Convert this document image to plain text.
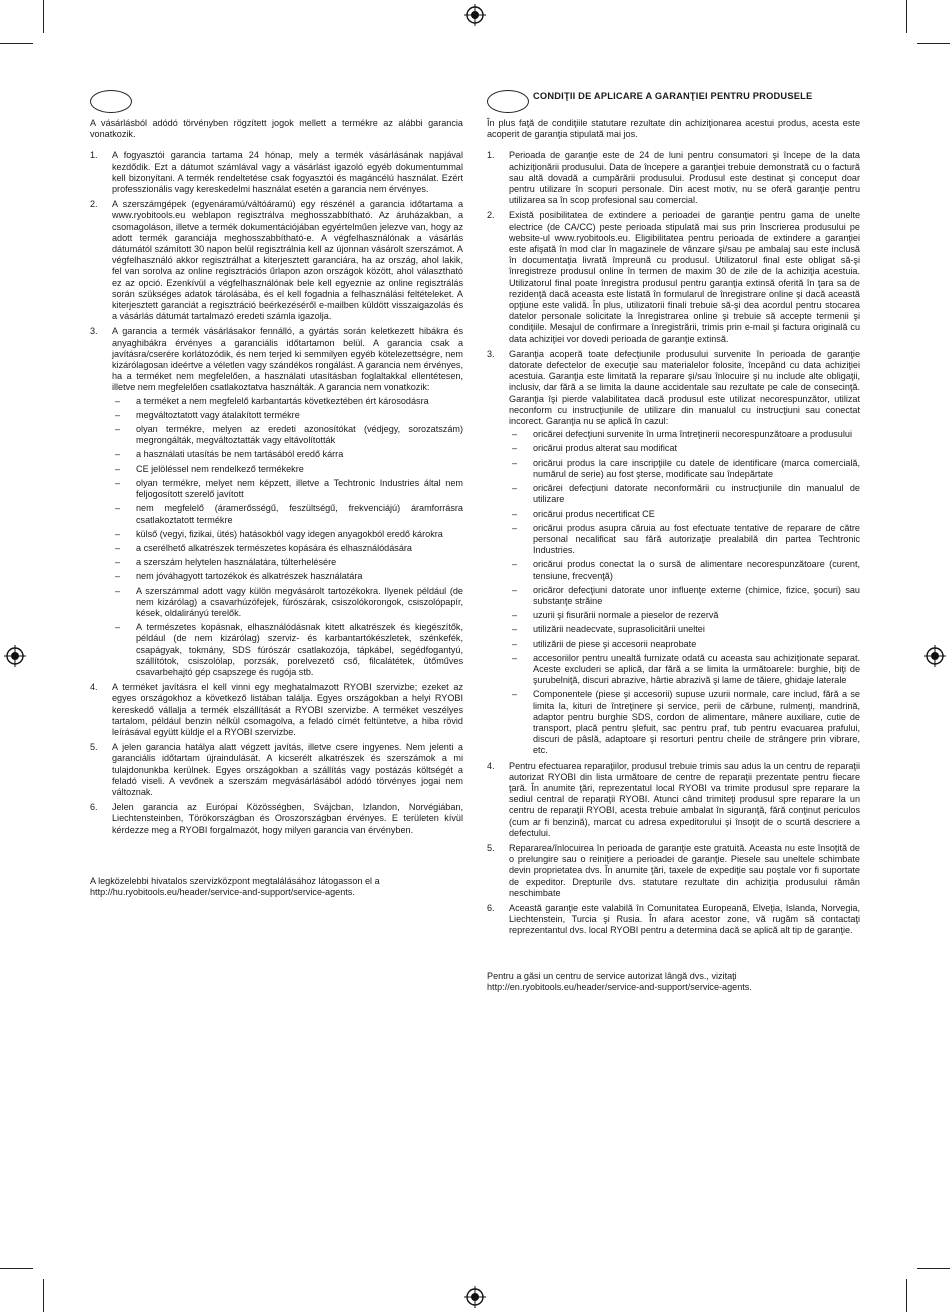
A vásárlásból adódó törvényben rögzített jogok mellett a termékre az alábbi garancia vonatkozik.

1. A fogyasztói garancia tartama 24 hónap, mely a termék vásárlásának napjával kezdődik. Ezt a dátumot számlával vagy a vásárlást igazoló egyéb dokumentummal kell bizonyítani. A termék rendeltetése csak fogyasztói és magáncélú használat. Ezért professzionális vagy kereskedelmi használat esetén a garancia nem érvényes.
2. A szerszámgépek (egyenáramú/váltóáramú) egy részénél a garancia időtartama a www.ryobitools.eu weblapon regisztrálva meghosszabbítható. Az áruházakban, a csomagoláson, illetve a termék dokumentációjában egyértelműen jelezve van, hogy az adott termék garanciája meghosszabbítható-e. A végfelhasználónak a vásárlás dátumától számított 30 napon belül regisztrálnia kell az újonnan vásárolt szerszámot. A végfelhasználó akkor regisztrálhat a kiterjesztett garanciára, ha az ország, ahol lakik, fel van sorolva az online regisztrációs űrlapon azon országok között, ahol választható ez az opció. Ezenkívül a végfelhasználónak bele kell egyeznie az online regisztrálás során szükséges adatok tárolásába, és el kell fogadnia a felhasználási feltételeket. A kiterjesztett garanciát a regisztráció beérkezéséről e-mailben küldött visszaigazolás és a vásárlás dátumát tartalmazó eredeti számla igazolja.
3. A garancia a termék vásárlásakor fennálló, a gyártás során keletkezett hibákra és anyaghibákra érvényes a garanciális időtartamon belül. A garancia csak a javításra/cserére korlátozódik, és nem terjed ki semmilyen egyéb kötelezettségre, nem kizárólagosan ideértve a véletlen vagy szándékos rongálást. A garancia nem érvényes, ha a terméket nem megfelelően, a használati utasításban foglaltakkal ellentétesen, illetve nem megfelelően csatlakoztatva használták. A garancia nem vonatkozik:
– a terméket a nem megfelelő karbantartás következtében ért károsodásra
– megváltoztatott vagy átalakított termékre
– olyan termékre, melyen az eredeti azonosítókat (védjegy, sorozatszám) megrongálták, megváltoztatták vagy eltávolították
– a használati utasítás be nem tartásából eredő kárra
– CE jelöléssel nem rendelkező termékekre
– olyan termékre, melyet nem képzett, illetve a Techtronic Industries által nem feljogosított szerelő javított
– nem megfelelő (áramerősségű, feszültségű, frekvenciájú) áramforrásra csatlakoztatott termékre
– külső (vegyi, fizikai, ütés) hatásokból vagy idegen anyagokból eredő károkra
– a cserélhető alkatrészek természetes kopására és elhasználódására
– a szerszám helytelen használatára, túlterhelésére
– nem jóváhagyott tartozékok és alkatrészek használatára
– A szerszámmal adott vagy külön megvásárolt tartozékokra. Ilyenek például (de nem kizárólag) a csavarhúzófejek, fúrószárak, csiszolókorongok, csiszolópapír, kések, oldalirányú terelők.
– A természetes kopásnak, elhasználódásnak kitett alkatrészek és kiegészítők, például (de nem kizárólag) szerviz- és karbantartókészletek, szénkefék, csapágyak, tokmány, SDS fúrószár csatlakozója, tápkábel, segédfogantyú, szállítótok, csiszolólap, porzsák, porelvezető cső, filcalátétek, ütőműves csavarbehajtó gép csapszege és rugója stb.
4. A terméket javításra el kell vinni egy meghatalmazott RYOBI szervizbe; ezeket az egyes országokhoz a következő listában találja. Egyes országokban a helyi RYOBI kereskedő vállalja a termék elszállítását a RYOBI szervizbe. A terméket veszélyes tartalom, például benzin nélkül csomagolva, a feladó címét feltüntetve, a hiba rövid leírásával együtt küldje el a RYOBI szervizbe.
5. A jelen garancia hatálya alatt végzett javítás, illetve csere ingyenes. Nem jelenti a garanciális időtartam újraindulását. A kicserélt alkatrészek és szerszámok a mi tulajdonunkba kerülnek. Egyes országokban a szállítás vagy postázás költségét a feladó viseli. A vevőnek a szerszám megvásárlásából adódó törvényes jogai nem változnak.
6. Jelen garancia az Európai Közösségben, Svájcban, Izlandon, Norvégiában, Liechtensteinben, Törökországban és Oroszországban érvényes. E területen kívül kérdezze meg a RYOBI forgalmazót, hogy milyen garancia van érvényben.
A legközelebbi hivatalos szervizközpont megtalálásához látogasson el a http://hu.ryobitools.eu/header/service-and-support/service-agents.
CONDIŢII DE APLICARE A GARANŢIEI PENTRU PRODUSELE

În plus faţă de condiţiile statutare rezultate din achiziţionarea acestui produs, acesta este acoperit de garanţia stipulată mai jos.

1. Perioada de garanţie este de 24 de luni pentru consumatori şi începe de la data achiziţionării produsului. Data de începere a garanţiei trebuie demonstrată cu o factură sau altă dovadă a cumpărării produsului. Produsul este destinat şi conceput doar pentru utilizare în scopuri personale. Din acest motiv, nu se oferă garanţie pentru utilizarea sa în scop profesional sau comercial.
2. Există posibilitatea de extindere a perioadei de garanţie pentru gama de unelte electrice (de CA/CC) peste perioada stipulată mai sus prin înscrierea produsului pe website-ul www.ryobitools.eu. Eligibilitatea pentru perioada de extindere a garanţiei este afişată în mod clar în magazinele de vânzare şi/sau pe ambalaj sau este inclusă în documentaţia livrată împreună cu produsul. Utilizatorul final este obligat să-şi înregistreze produsul online în termen de maxim 30 de zile de la achiziţia acestuia. Utilizatorul final poate înregistra produsul pentru garanţia extinsă oferită în ţara sa de rezidenţă dacă aceasta este listată în formularul de înregistrare online şi dacă această opţiune este validă. În plus, utilizatorii finali trebuie să-şi dea acordul pentru stocarea datelor personale solicitate la înregistrarea online şi trebuie să accepte termenii şi condiţiile. Mesajul de confirmare a înregistrării, trimis prin e-mail şi factura originală cu data achiziţiei vor dovedi perioada de garanţie extinsă.
3. Garanţia acoperă toate defecţiunile produsului survenite în perioada de garanţie datorate defectelor de execuţie sau materialelor folosite, începând cu data achiziţiei acestuia. Garanţia este limitată la reparare şi/sau înlocuire şi nu include alte obligaţii, inclusiv, dar fără a se limita la daune accidentale sau rezultate pe cale de consecinţă. Garanţia îşi pierde valabilitatea dacă produsul este utilizat necorespunzător, utilizat neconform cu instrucţiunile de utilizare din manualul cu instrucţiuni sau conectat incorect. Garanţia nu se aplică în cazul:
– oricărei defecţiuni survenite în urma întreţinerii necorespunzătoare a produsului
– oricărui produs alterat sau modificat
– oricărui produs la care inscripţiile cu datele de identificare (marca comercială, numărul de serie) au fost şterse, modificate sau îndepărtate
– oricărei defecţiuni datorate neconformării cu instrucţiunile din manualul de utilizare
– oricărui produs necertificat CE
– oricărui produs asupra căruia au fost efectuate tentative de reparare de către personal necalificat sau fără autorizaţie prealabilă din partea Techtronic Industries.
– oricărui produs conectat la o sursă de alimentare necorespunzătoare (curent, tensiune, frecvenţă)
– oricăror defecţiuni datorate unor influenţe externe (chimice, fizice, şocuri) sau substanţe străine
– uzurii şi fisurării normale a pieselor de rezervă
– utilizării neadecvate, suprasolicitării uneltei
– utilizării de piese şi accesorii neaprobate
– accesoriilor pentru unealtă furnizate odată cu aceasta sau achiziţionate separat. Aceste excluderi se aplică, dar fără a se limita la următoarele: burghie, biţi de şurubelniţă, discuri abrazive, hârtie abrazivă şi lame de tăiere, ghidaje laterale
– Componentele (piese şi accesorii) supuse uzurii normale, care includ, fără a se limita la, kituri de întreţinere şi service, perii de cărbune, rulmenţi, mandrină, adaptor pentru burghie SDS, cordon de alimentare, mânere auxiliare, cutie de transport, placă pentru şlefuit, sac pentru praf, tub pentru evacuarea prafului, discuri de pâslă, adaptoare şi resorturi pentru cheile de strângere prin vibrare, etc.
4. Pentru efectuarea reparaţiilor, produsul trebuie trimis sau adus la un centru de reparaţii autorizat RYOBI din lista următoare de centre de reparaţii prezentate pentru fiecare ţară. În anumite ţări, reprezentatul local RYOBI va trimite produsul spre reparare la sediul central de reparaţii RYOBI. Atunci când trimiteţi produsul spre reparare la un centru de reparaţii RYOBI, acesta trebuie ambalat în siguranţă, fără conţinut periculos (cum ar fi benzină), marcat cu adresa expeditorului şi însoţit de o scurtă descriere a defectului.
5. Repararea/înlocuirea în perioada de garanţie este gratuită. Aceasta nu este însoţită de o prelungire sau o reiniţiere a perioadei de garanţie. Piesele sau uneltele schimbate devin proprietatea dvs. În anumite ţări, taxele de expediţie sau poştale vor fi suportate de expeditor. Drepturile dvs. statutare rezultate din achiziţia produsului rămân neschimbate
6. Această garanţie este valabilă în Comunitatea Europeană, Elveţia, Islanda, Norvegia, Liechtenstein, Turcia şi Rusia. În afara acestor zone, vă rugăm să contactaţi reprezentantul dvs. local RYOBI pentru a determina dacă se aplică alt tip de garanţie.
Pentru a găsi un centru de service autorizat lângă dvs., vizitaţi http://en.ryobitools.eu/header/service-and-support/service-agents.
